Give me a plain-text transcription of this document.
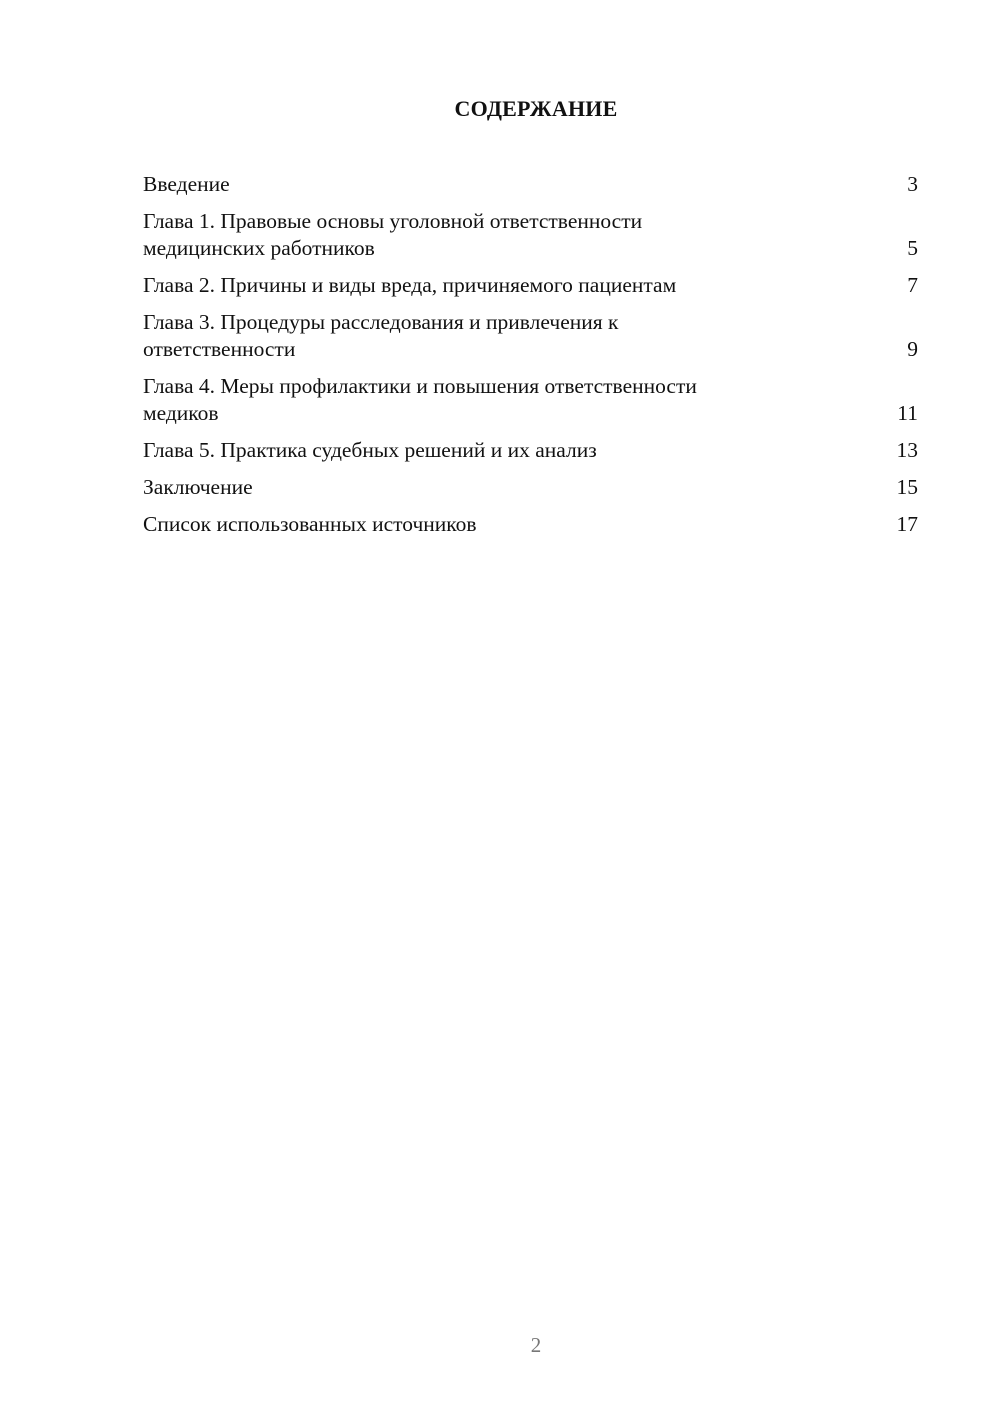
СОДЕРЖАНИЕ
Введение	3
Глава 1. Правовые основы уголовной ответственности
медицинских работников	5
Глава 2. Причины и виды вреда, причиняемого пациентам	7
Глава 3. Процедуры расследования и привлечения к
ответственности	9
Глава 4. Меры профилактики и повышения ответственности
медиков	11
Глава 5. Практика судебных решений и их анализ	13
Заключение	15
Список использованных источников	17
2
